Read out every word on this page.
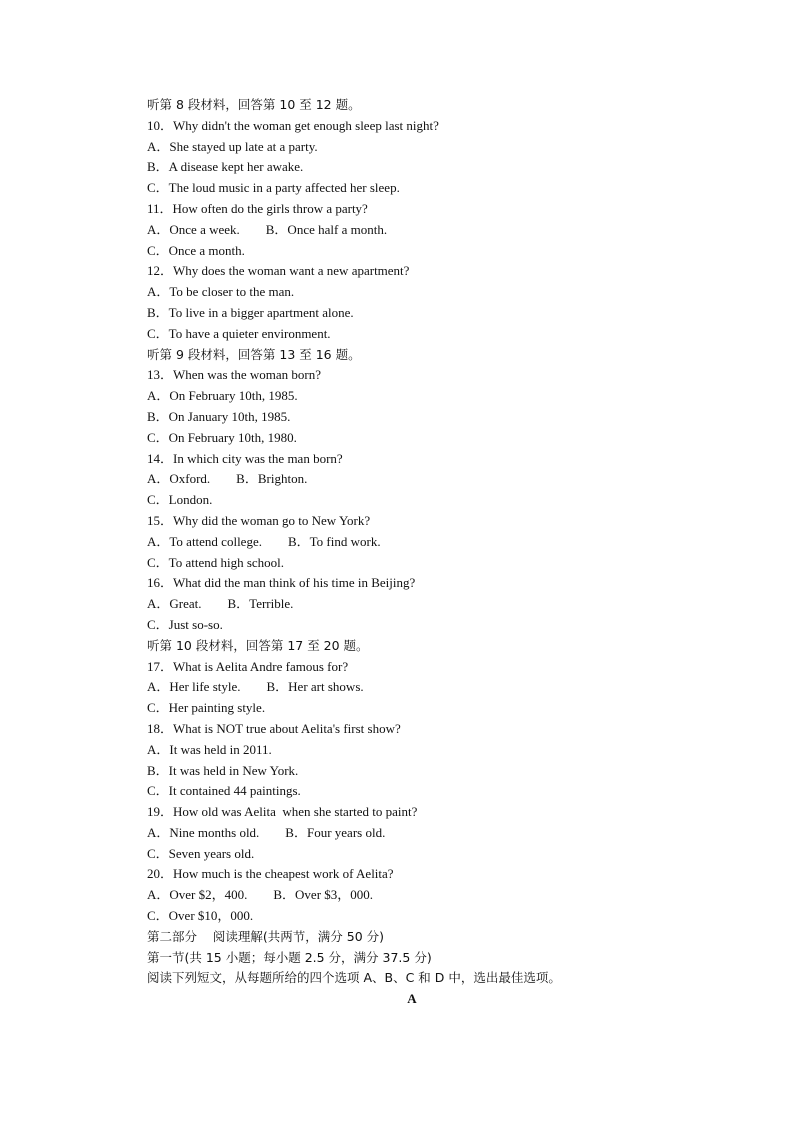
听第 8 段材料，回答第 10 至 12 题。
10．Why didn't the woman get enough sleep last night?
A．She stayed up late at a party.
B．A disease kept her awake.
C．The loud music in a party affected her sleep.
11．How often do the girls throw a party?
A．Once a week.        B．Once half a month.
C．Once a month.
12．Why does the woman want a new apartment?
A．To be closer to the man.
B．To live in a bigger apartment alone.
C．To have a quieter environment.
听第 9 段材料，回答第 13 至 16 题。
13．When was the woman born?
A．On February 10th, 1985.
B．On January 10th, 1985.
C．On February 10th, 1980.
14．In which city was the man born?
A．Oxford.        B．Brighton.
C．London.
15．Why did the woman go to New York?
A．To attend college.        B．To find work.
C．To attend high school.
16．What did the man think of his time in Beijing?
A．Great.        B．Terrible.
C．Just so-so.
听第 10 段材料，回答第 17 至 20 题。
17．What is Aelita Andre famous for?
A．Her life style.        B．Her art shows.
C．Her painting style.
18．What is NOT true about Aelita's first show?
A．It was held in 2011.
B．It was held in New York.
C．It contained 44 paintings.
19．How old was Aelita  when she started to paint?
A．Nine months old.        B．Four years old.
C．Seven years old.
20．How much is the cheapest work of Aelita?
A．Over $2，400.        B．Over $3，000.
C．Over $10，000.
第二部分    阅读理解(共两节，满分 50 分)
第一节(共 15 小题；每小题 2.5 分，满分 37.5 分)
阅读下列短文，从每题所给的四个选项 A、B、C 和 D 中，选出最佳选项。
A
